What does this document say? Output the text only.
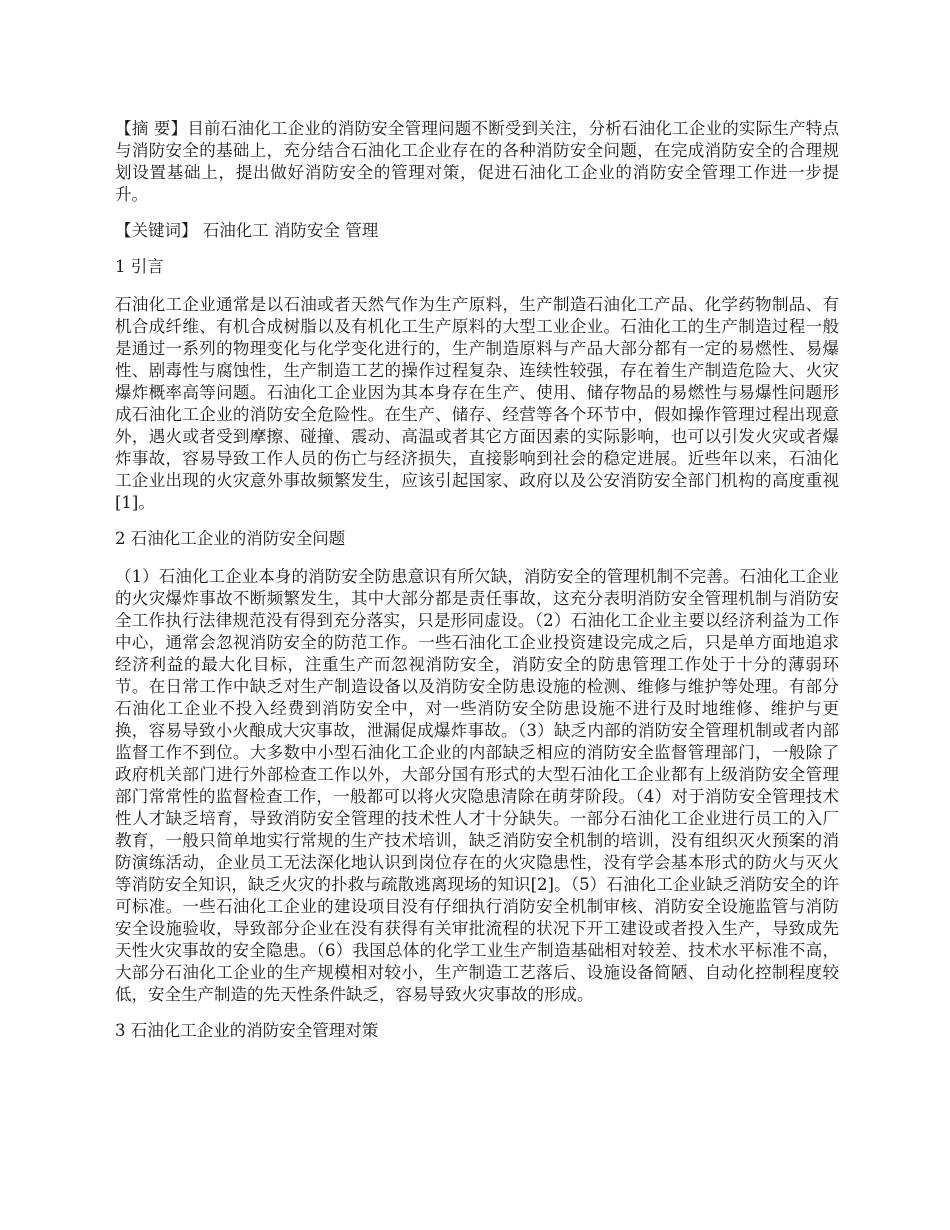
【摘 要】目前石油化工企业的消防安全管理问题不断受到关注，分析石油化工企业的实际生产特点与消防安全的基础上，充分结合石油化工企业存在的各种消防安全问题，在完成消防安全的合理规划设置基础上，提出做好消防安全的管理对策，促进石油化工企业的消防安全管理工作进一步提升。

【关键词】 石油化工 消防安全 管理

1 引言

石油化工企业通常是以石油或者天然气作为生产原料，生产制造石油化工产品、化学药物制品、有机合成纤维、有机合成树脂以及有机化工生产原料的大型工业企业。石油化工的生产制造过程一般是通过一系列的物理变化与化学变化进行的，生产制造原料与产品大部分都有一定的易燃性、易爆性、剧毒性与腐蚀性，生产制造工艺的操作过程复杂、连续性较强，存在着生产制造危险大、火灾爆炸概率高等问题。石油化工企业因为其本身存在生产、使用、储存物品的易燃性与易爆性问题形成石油化工企业的消防安全危险性。在生产、储存、经营等各个环节中，假如操作管理过程出现意外，遇火或者受到摩擦、碰撞、震动、高温或者其它方面因素的实际影响，也可以引发火灾或者爆炸事故，容易导致工作人员的伤亡与经济损失，直接影响到社会的稳定进展。近些年以来，石油化工企业出现的火灾意外事故频繁发生，应该引起国家、政府以及公安消防安全部门机构的高度重视[1]。

2 石油化工企业的消防安全问题

（1）石油化工企业本身的消防安全防患意识有所欠缺，消防安全的管理机制不完善。石油化工企业的火灾爆炸事故不断频繁发生，其中大部分都是责任事故，这充分表明消防安全管理机制与消防安全工作执行法律规范没有得到充分落实，只是形同虚设。（2）石油化工企业主要以经济利益为工作中心，通常会忽视消防安全的防范工作。一些石油化工企业投资建设完成之后，只是单方面地追求经济利益的最大化目标，注重生产而忽视消防安全，消防安全的防患管理工作处于十分的薄弱环节。在日常工作中缺乏对生产制造设备以及消防安全防患设施的检测、维修与维护等处理。有部分石油化工企业不投入经费到消防安全中，对一些消防安全防患设施不进行及时地维修、维护与更换，容易导致小火酿成大灾事故，泄漏促成爆炸事故。（3）缺乏内部的消防安全管理机制或者内部监督工作不到位。大多数中小型石油化工企业的内部缺乏相应的消防安全监督管理部门，一般除了政府机关部门进行外部检查工作以外，大部分国有形式的大型石油化工企业都有上级消防安全管理部门常常性的监督检查工作，一般都可以将火灾隐患清除在萌芽阶段。（4）对于消防安全管理技术性人才缺乏培育，导致消防安全管理的技术性人才十分缺失。一部分石油化工企业进行员工的入厂教育，一般只简单地实行常规的生产技术培训，缺乏消防安全机制的培训，没有组织灭火预案的消防演练活动，企业员工无法深化地认识到岗位存在的火灾隐患性，没有学会基本形式的防火与灭火等消防安全知识，缺乏火灾的扑救与疏散逃离现场的知识[2]。（5）石油化工企业缺乏消防安全的许可标准。一些石油化工企业的建设项目没有仔细执行消防安全机制审核、消防安全设施监管与消防安全设施验收，导致部分企业在没有获得有关审批流程的状况下开工建设或者投入生产，导致成先天性火灾事故的安全隐患。（6）我国总体的化学工业生产制造基础相对较差、技术水平标准不高，大部分石油化工企业的生产规模相对较小，生产制造工艺落后、设施设备简陋、自动化控制程度较低，安全生产制造的先天性条件缺乏，容易导致火灾事故的形成。

3 石油化工企业的消防安全管理对策
